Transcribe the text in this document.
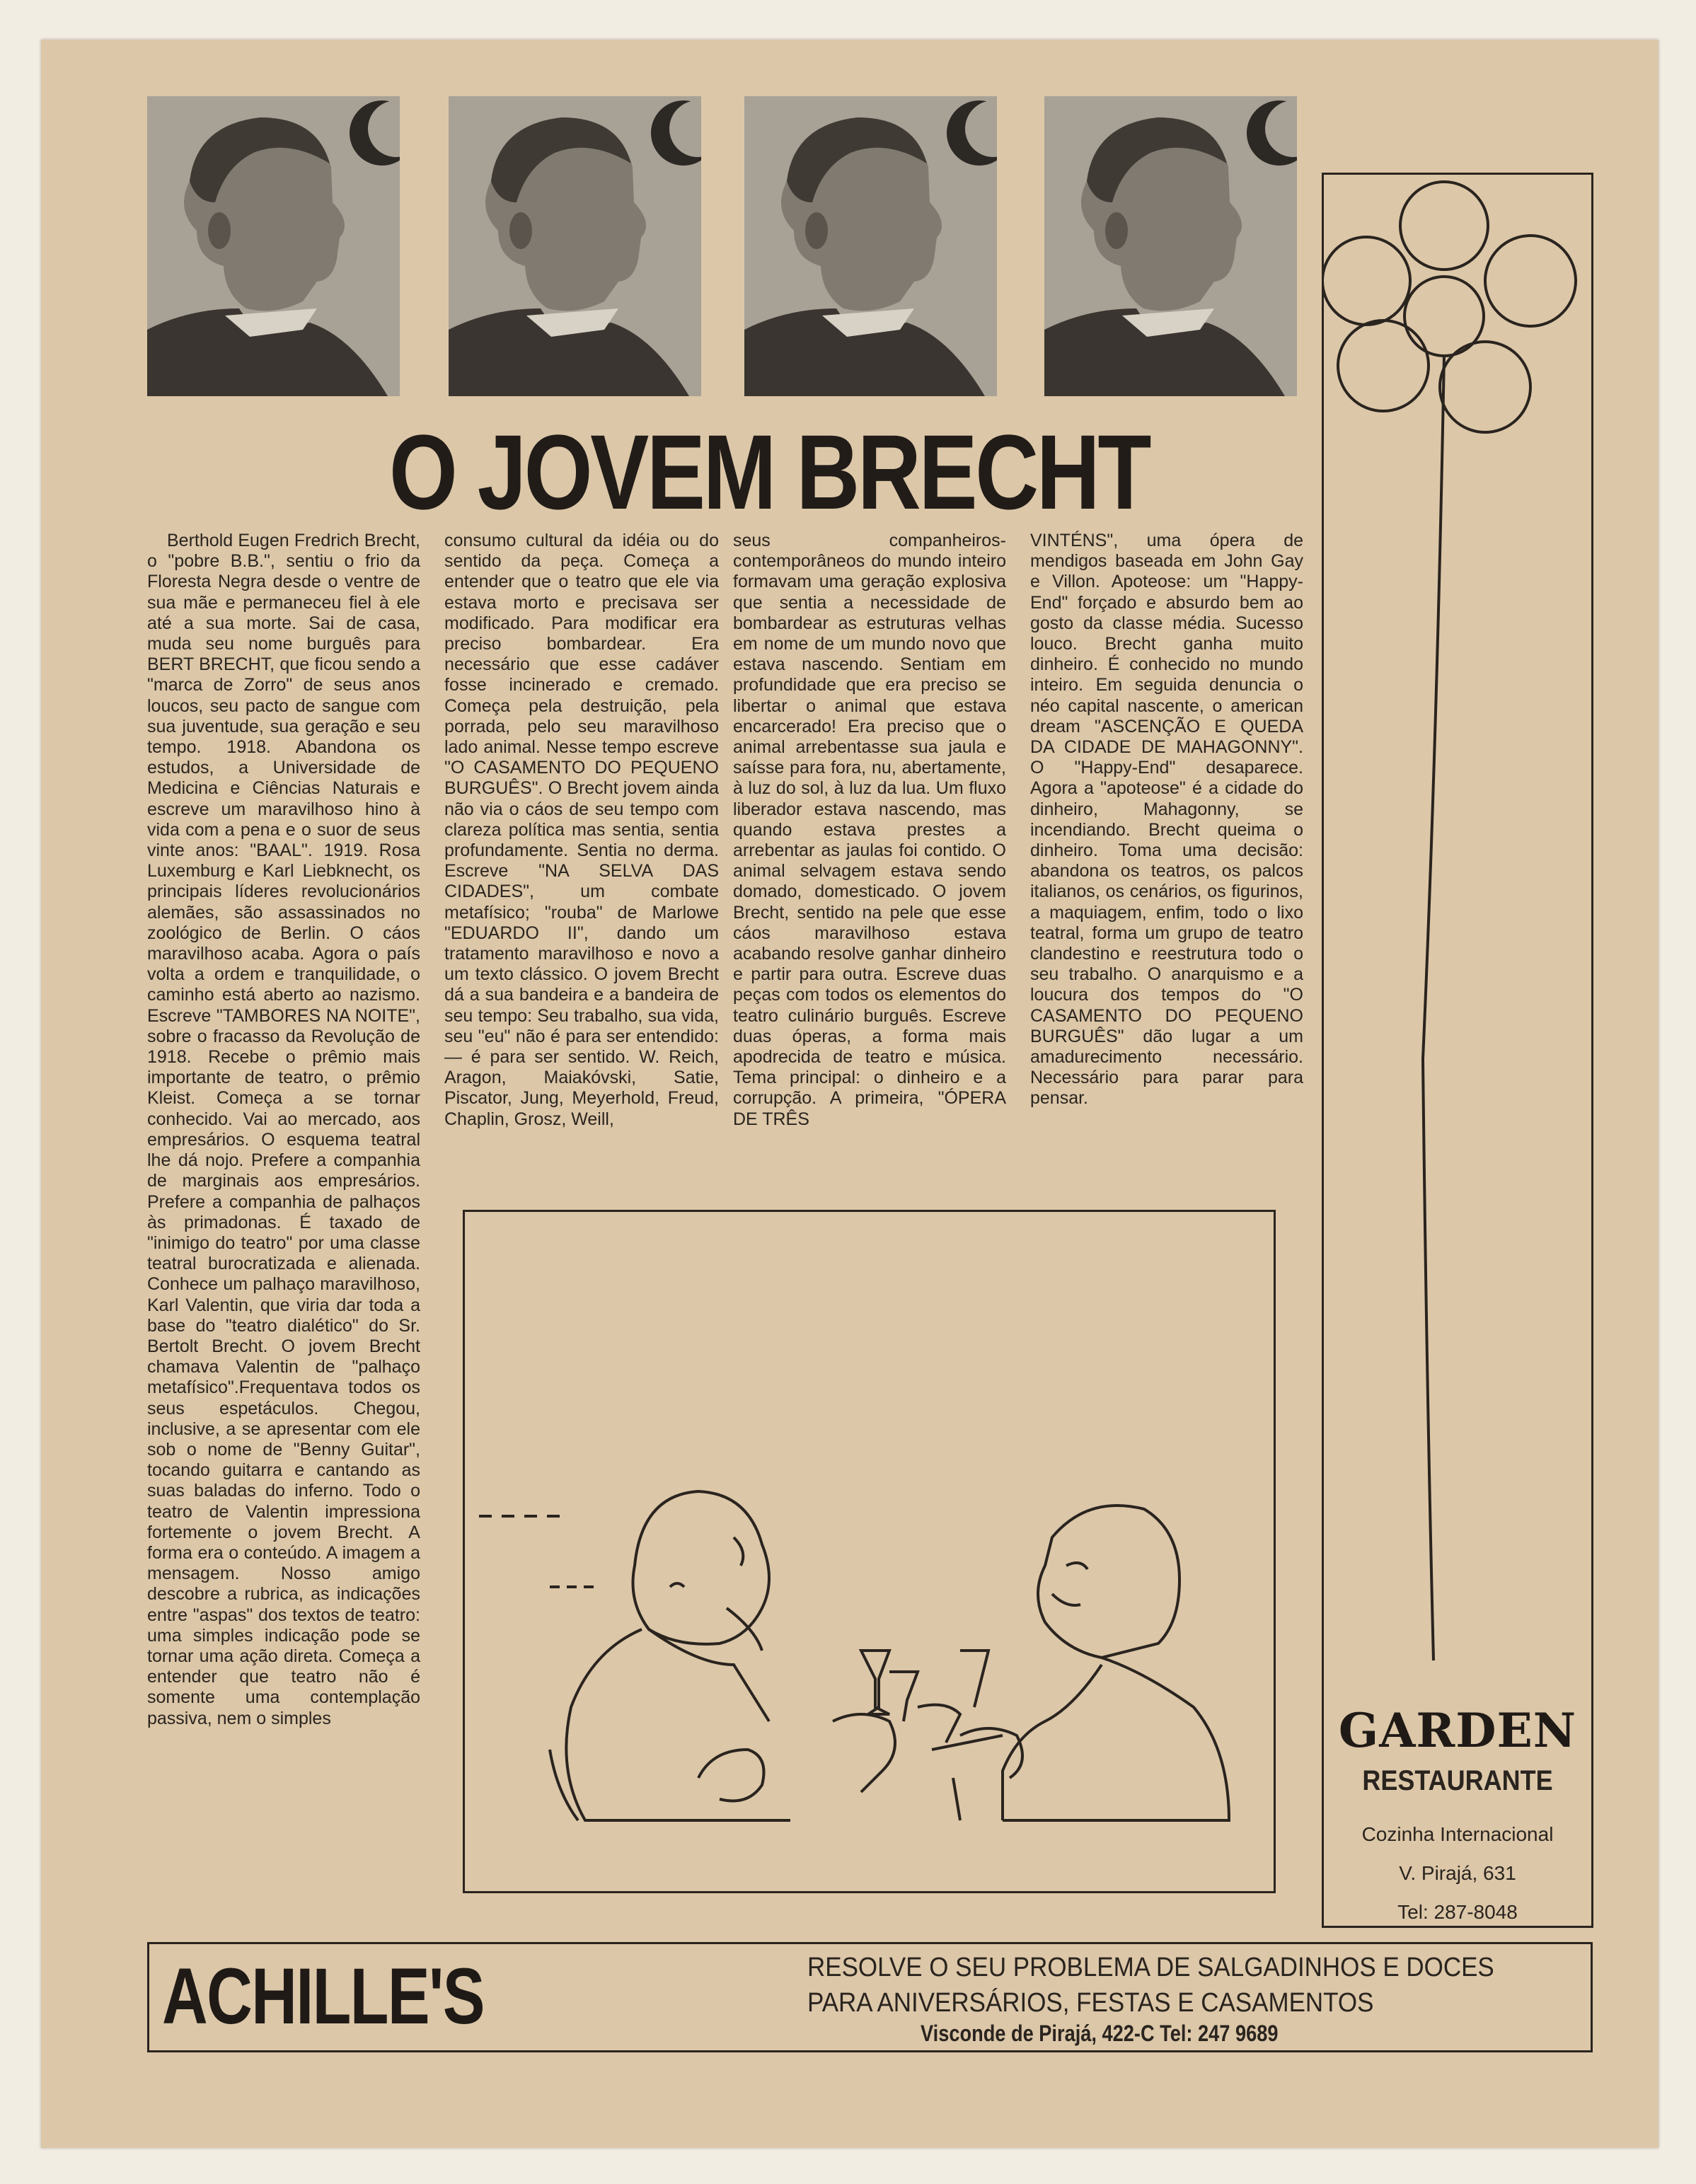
O JOVEM BRECHT

Berthold Eugen Fredrich Brecht, o "pobre B.B.", sentiu o frio da Floresta Negra desde o ventre de sua mãe e permaneceu fiel à ele até a sua morte. Sai de casa, muda seu nome burguês para BERT BRECHT, que ficou sendo a "marca de Zorro" de seus anos loucos, seu pacto de sangue com sua juventude, sua geração e seu tempo. 1918. Abandona os estudos, a Universidade de Medicina e Ciências Naturais e escreve um maravilhoso hino à vida com a pena e o suor de seus vinte anos: "BAAL". 1919. Rosa Luxemburg e Karl Liebknecht, os principais líderes revolucionários alemães, são assassinados no zoológico de Berlin. O cáos maravilhoso acaba. Agora o país volta a ordem e tranquilidade, o caminho está aberto ao nazismo. Escreve "TAMBORES NA NOITE", sobre o fracasso da Revolução de 1918. Recebe o prêmio mais importante de teatro, o prêmio Kleist. Começa a se tornar conhecido. Vai ao mercado, aos empresários. O esquema teatral lhe dá nojo. Prefere a companhia de marginais aos empresários. Prefere a companhia de palhaços às primadonas. É taxado de "inimigo do teatro" por uma classe teatral burocratizada e alienada. Conhece um palhaço maravilhoso, Karl Valentin, que viria dar toda a base do "teatro dialético" do Sr. Bertolt Brecht. O jovem Brecht chamava Valentin de "palhaço metafísico".Frequentava todos os seus espetáculos. Chegou, inclusive, a se apresentar com ele sob o nome de "Benny Guitar", tocando guitarra e cantando as suas baladas do inferno. Todo o teatro de Valentin impressiona fortemente o jovem Brecht. A forma era o conteúdo. A imagem a mensagem. Nosso amigo descobre a rubrica, as indicações entre "aspas" dos textos de teatro: uma simples indicação pode se tornar uma ação direta. Começa a entender que teatro não é somente uma contemplação passiva, nem o simples

consumo cultural da idéia ou do sentido da peça. Começa a entender que o teatro que ele via estava morto e precisava ser modificado. Para modificar era preciso bombardear. Era necessário que esse cadáver fosse incinerado e cremado. Começa pela destruição, pela porrada, pelo seu maravilhoso lado animal. Nesse tempo escreve "O CASAMENTO DO PEQUENO BURGUÊS". O Brecht jovem ainda não via o cáos de seu tempo com clareza política mas sentia, sentia profundamente. Sentia no derma. Escreve "NA SELVA DAS CIDADES", um combate metafísico; "rouba" de Marlowe "EDUARDO II", dando um tratamento maravilhoso e novo a um texto clássico. O jovem Brecht dá a sua bandeira e a bandeira de seu tempo: Seu trabalho, sua vida, seu "eu" não é para ser entendido: — é para ser sentido. W. Reich, Aragon, Maiakóvski, Satie, Piscator, Jung, Meyerhold, Freud, Chaplin, Grosz, Weill,

seus companheiros-contemporâneos do mundo inteiro formavam uma geração explosiva que sentia a necessidade de bombardear as estruturas velhas em nome de um mundo novo que estava nascendo. Sentiam em profundidade que era preciso se libertar o animal que estava encarcerado! Era preciso que o animal arrebentasse sua jaula e saísse para fora, nu, abertamente, à luz do sol, à luz da lua. Um fluxo liberador estava nascendo, mas quando estava prestes a arrebentar as jaulas foi contido. O animal selvagem estava sendo domado, domesticado. O jovem Brecht, sentido na pele que esse cáos maravilhoso estava acabando resolve ganhar dinheiro e partir para outra. Escreve duas peças com todos os elementos do teatro culinário burguês. Escreve duas óperas, a forma mais apodrecida de teatro e música. Tema principal: o dinheiro e a corrupção. A primeira, "ÓPERA DE TRÊS

VINTÉNS", uma ópera de mendigos baseada em John Gay e Villon. Apoteose: um "Happy-End" forçado e absurdo bem ao gosto da classe média. Sucesso louco. Brecht ganha muito dinheiro. É conhecido no mundo inteiro. Em seguida denuncia o néo capital nascente, o american dream "ASCENÇÃO E QUEDA DA CIDADE DE MAHAGONNY". O "Happy-End" desaparece. Agora a "apoteose" é a cidade do dinheiro, Mahagonny, se incendiando. Brecht queima o dinheiro. Toma uma decisão: abandona os teatros, os palcos italianos, os cenários, os figurinos, a maquiagem, enfim, todo o lixo teatral, forma um grupo de teatro clandestino e reestrutura todo o seu trabalho. O anarquismo e a loucura dos tempos do "O CASAMENTO DO PEQUENO BURGUÊS" dão lugar a um amadurecimento necessário. Necessário para parar para pensar.

GARDEN
RESTAURANTE
Cozinha Internacional
V. Pirajá, 631
Tel: 287-8048
ACHILLE'S	RESOLVE O SEU PROBLEMA DE SALGADINHOS E DOCES
PARA ANIVERSÁRIOS, FESTAS E CASAMENTOS
Visconde de Pirajá, 422-C Tel: 247 9689
